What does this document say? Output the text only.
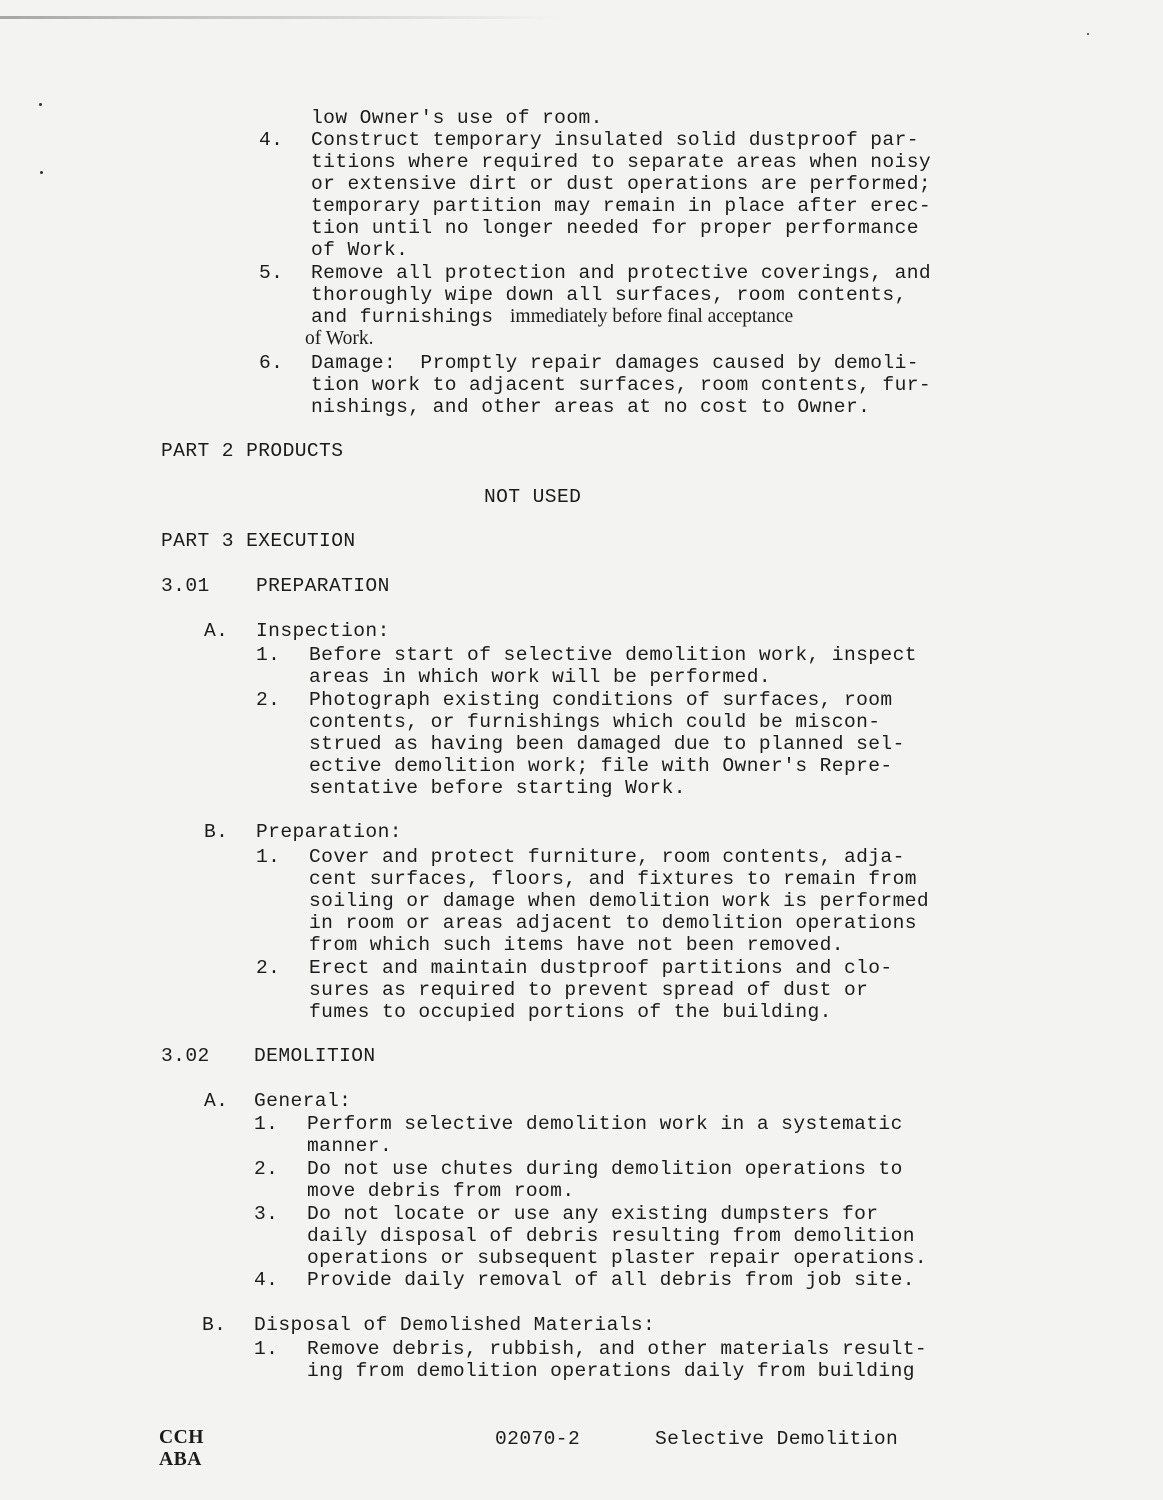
low Owner's use of room.
4. Construct temporary insulated solid dustproof par-
titions where required to separate areas when noisy
or extensive dirt or dust operations are performed;
temporary partition may remain in place after erec-
tion until no longer needed for proper performance
of Work.
5. Remove all protection and protective coverings, and
thoroughly wipe down all surfaces, room contents,
and furnishings immediately before final acceptance
of Work.
6. Damage:  Promptly repair damages caused by demoli-
tion work to adjacent surfaces, room contents, fur-
nishings, and other areas at no cost to Owner.
PART 2 PRODUCTS
NOT USED
PART 3 EXECUTION
3.01 PREPARATION
A. Inspection:
1. Before start of selective demolition work, inspect
areas in which work will be performed.
2. Photograph existing conditions of surfaces, room
contents, or furnishings which could be miscon-
strued as having been damaged due to planned sel-
ective demolition work; file with Owner's Repre-
sentative before starting Work.
B. Preparation:
1. Cover and protect furniture, room contents, adja-
cent surfaces, floors, and fixtures to remain from
soiling or damage when demolition work is performed
in room or areas adjacent to demolition operations
from which such items have not been removed.
2. Erect and maintain dustproof partitions and clo-
sures as required to prevent spread of dust or
fumes to occupied portions of the building.
3.02 DEMOLITION
A. General:
1. Perform selective demolition work in a systematic
manner.
2. Do not use chutes during demolition operations to
move debris from room.
3. Do not locate or use any existing dumpsters for
daily disposal of debris resulting from demolition
operations or subsequent plaster repair operations.
4. Provide daily removal of all debris from job site.
B. Disposal of Demolished Materials:
1. Remove debris, rubbish, and other materials result-
ing from demolition operations daily from building
CCH
ABA
02070-2	Selective Demolition
